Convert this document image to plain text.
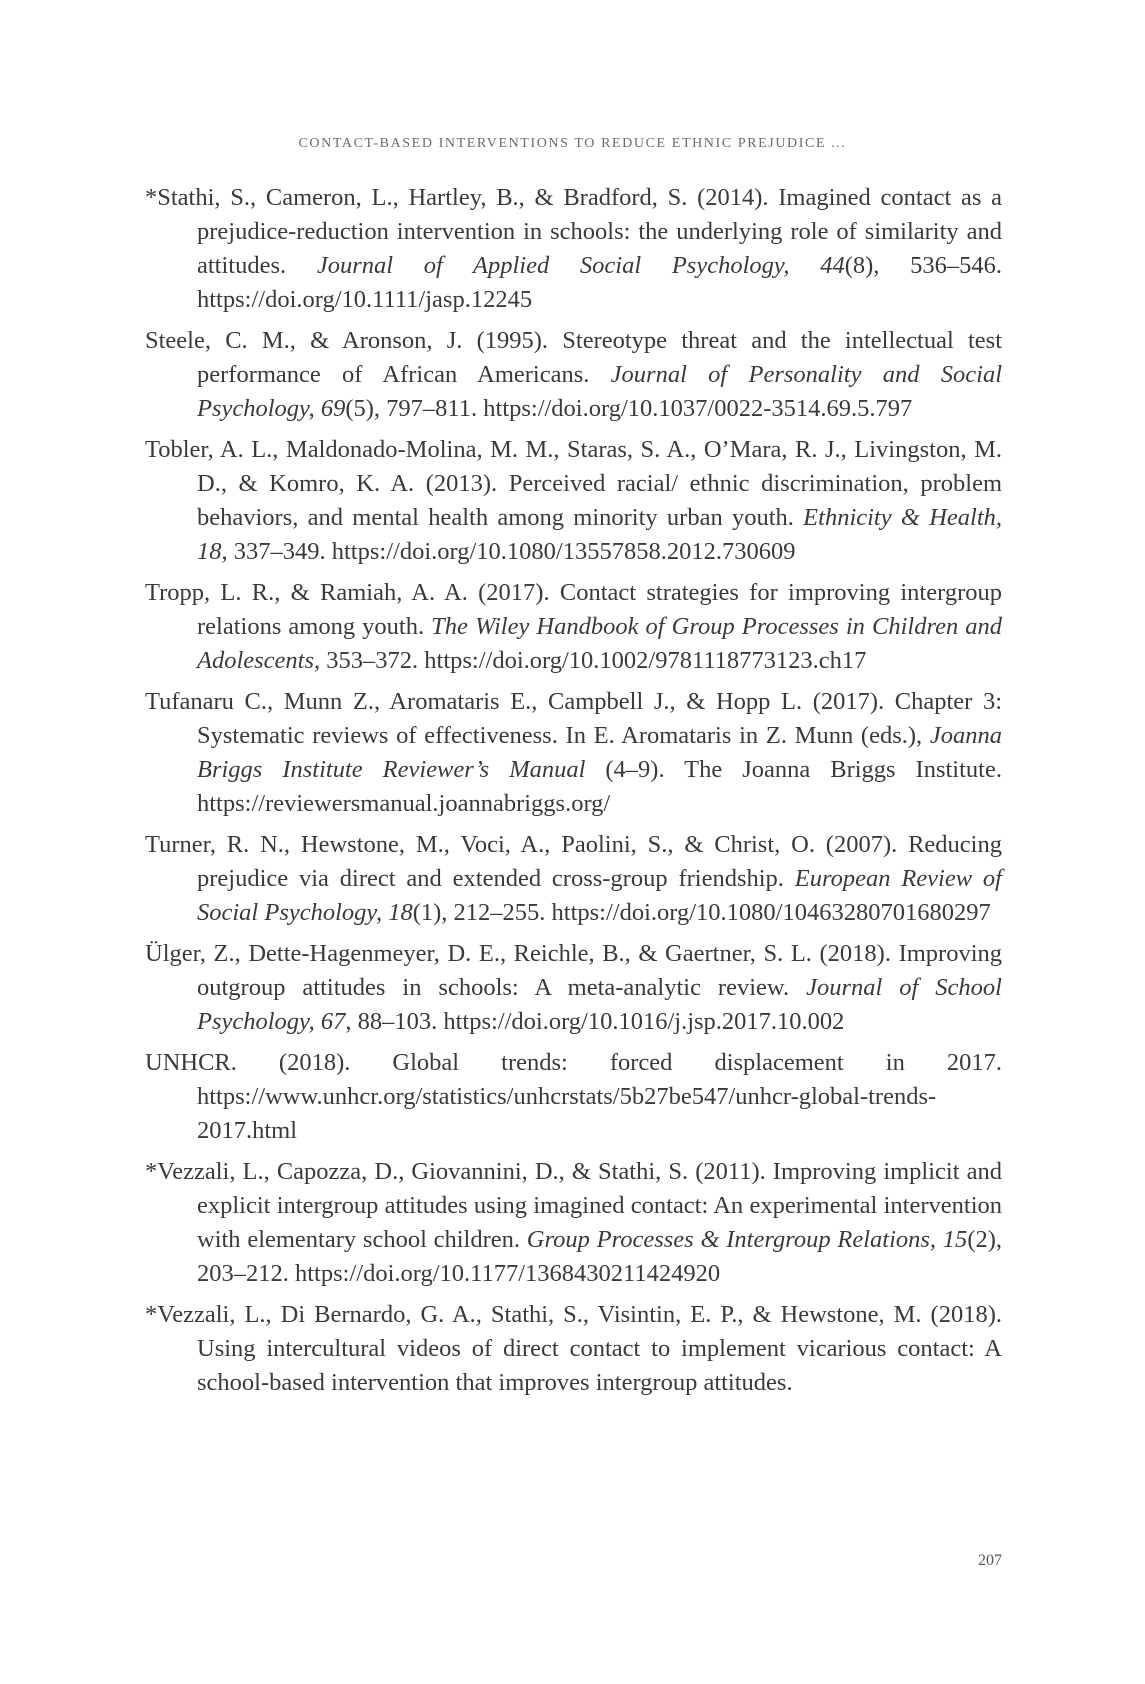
CONTACT-BASED INTERVENTIONS TO REDUCE ETHNIC PREJUDICE ...

*Stathi, S., Cameron, L., Hartley, B., & Bradford, S. (2014). Imagined contact as a prejudice-reduction intervention in schools: the underlying role of similarity and attitudes. Journal of Applied Social Psychology, 44(8), 536–546. https://doi.org/10.1111/jasp.12245

Steele, C. M., & Aronson, J. (1995). Stereotype threat and the intellectual test performance of African Americans. Journal of Personality and Social Psychology, 69(5), 797–811. https://doi.org/10.1037/0022-3514.69.5.797

Tobler, A. L., Maldonado-Molina, M. M., Staras, S. A., O’Mara, R. J., Livingston, M. D., & Komro, K. A. (2013). Perceived racial/ ethnic discrimination, problem behaviors, and mental health among minority urban youth. Ethnicity & Health, 18, 337–349. https://doi.org/10.1080/13557858.2012.730609

Tropp, L. R., & Ramiah, A. A. (2017). Contact strategies for improving intergroup relations among youth. The Wiley Handbook of Group Processes in Children and Adolescents, 353–372. https://doi.org/10.1002/9781118773123.ch17

Tufanaru C., Munn Z., Aromataris E., Campbell J., & Hopp L. (2017). Chapter 3: Systematic reviews of effectiveness. In E. Aromataris in Z. Munn (eds.), Joanna Briggs Institute Reviewer’s Manual (4–9). The Joanna Briggs Institute. https://reviewersmanual.joannabriggs.org/

Turner, R. N., Hewstone, M., Voci, A., Paolini, S., & Christ, O. (2007). Reducing prejudice via direct and extended cross-group friendship. European Review of Social Psychology, 18(1), 212–255. https://doi.org/10.1080/10463280701680297

Ülger, Z., Dette-Hagenmeyer, D. E., Reichle, B., & Gaertner, S. L. (2018). Improving outgroup attitudes in schools: A meta-analytic review. Journal of School Psychology, 67, 88–103. https://doi.org/10.1016/j.jsp.2017.10.002

UNHCR. (2018). Global trends: forced displacement in 2017. https://www.unhcr.org/statistics/unhcrstats/5b27be547/unhcr-global-trends-2017.html

*Vezzali, L., Capozza, D., Giovannini, D., & Stathi, S. (2011). Improving implicit and explicit intergroup attitudes using imagined contact: An experimental intervention with elementary school children. Group Processes & Intergroup Relations, 15(2), 203–212. https://doi.org/10.1177/1368430211424920

*Vezzali, L., Di Bernardo, G. A., Stathi, S., Visintin, E. P., & Hewstone, M. (2018). Using intercultural videos of direct contact to implement vicarious contact: A school-based intervention that improves intergroup attitudes.

207
